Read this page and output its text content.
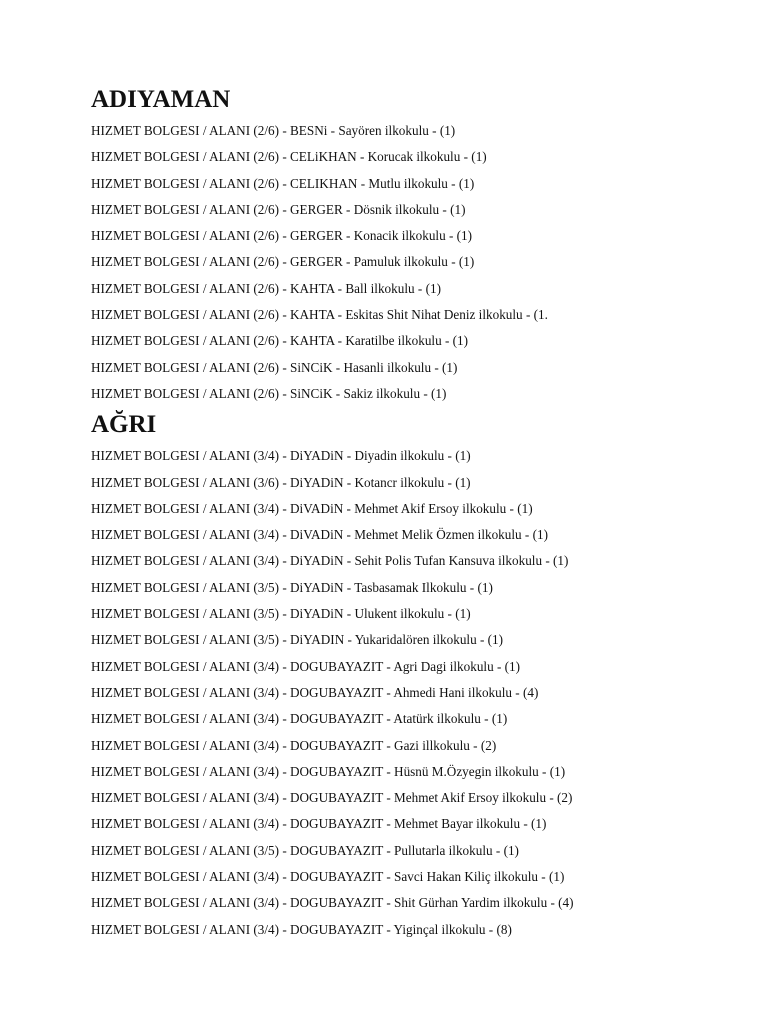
ADIYAMAN
HIZMET BOLGESI / ALANI (2/6) - BESNi - Sayören ilkokulu - (1)
HIZMET BOLGESI / ALANI (2/6) - CELiKHAN - Korucak ilkokulu - (1)
HIZMET BOLGESI / ALANI (2/6) - CELIKHAN - Mutlu ilkokulu - (1)
HIZMET BOLGESI / ALANI (2/6) - GERGER - Dösnik ilkokulu - (1)
HIZMET BOLGESI / ALANI (2/6) - GERGER - Konacik ilkokulu - (1)
HIZMET BOLGESI / ALANI (2/6) - GERGER - Pamuluk ilkokulu - (1)
HIZMET BOLGESI / ALANI (2/6) - KAHTA - Ball ilkokulu - (1)
HIZMET BOLGESI / ALANI (2/6) - KAHTA - Eskitas Shit Nihat Deniz ilkokulu - (1.
HIZMET BOLGESI / ALANI (2/6) - KAHTA - Karatilbe ilkokulu - (1)
HIZMET BOLGESI / ALANI (2/6) - SiNCiK - Hasanli ilkokulu - (1)
HIZMET BOLGESI / ALANI (2/6) - SiNCiK - Sakiz ilkokulu - (1)
AĞRI
HIZMET BOLGESI / ALANI (3/4) - DiYADiN - Diyadin ilkokulu - (1)
HIZMET BOLGESI / ALANI (3/6) - DiYADiN - Kotancr ilkokulu - (1)
HIZMET BOLGESI / ALANI (3/4) - DiVADiN - Mehmet Akif Ersoy ilkokulu - (1)
HIZMET BOLGESI / ALANI (3/4) - DiVADiN - Mehmet Melik Özmen ilkokulu - (1)
HIZMET BOLGESI / ALANI (3/4) - DiYADiN - Sehit Polis Tufan Kansuva ilkokulu - (1)
HIZMET BOLGESI / ALANI (3/5) - DiYADiN - Tasbasamak Ilkokulu - (1)
HIZMET BOLGESI / ALANI (3/5) - DiYADiN - Ulukent ilkokulu - (1)
HIZMET BOLGESI / ALANI (3/5) - DiYADIN - Yukaridalören ilkokulu - (1)
HIZMET BOLGESI / ALANI (3/4) - DOGUBAYAZIT - Agri Dagi ilkokulu - (1)
HIZMET BOLGESI / ALANI (3/4) - DOGUBAYAZIT - Ahmedi Hani ilkokulu - (4)
HIZMET BOLGESI / ALANI (3/4) - DOGUBAYAZIT - Atatürk ilkokulu - (1)
HIZMET BOLGESI / ALANI (3/4) - DOGUBAYAZIT - Gazi illkokulu - (2)
HIZMET BOLGESI / ALANI (3/4) - DOGUBAYAZIT - Hüsnü M.Özyegin ilkokulu - (1)
HIZMET BOLGESI / ALANI (3/4) - DOGUBAYAZIT - Mehmet Akif Ersoy ilkokulu - (2)
HIZMET BOLGESI / ALANI (3/4) - DOGUBAYAZIT - Mehmet Bayar ilkokulu - (1)
HIZMET BOLGESI / ALANI (3/5) - DOGUBAYAZIT - Pullutarla ilkokulu - (1)
HIZMET BOLGESI / ALANI (3/4) - DOGUBAYAZIT - Savci Hakan Kiliç ilkokulu - (1)
HIZMET BOLGESI / ALANI (3/4) - DOGUBAYAZIT - Shit Gürhan Yardim ilkokulu - (4)
HIZMET BOLGESI / ALANI (3/4) - DOGUBAYAZIT - Yiginçal ilkokulu - (8)
